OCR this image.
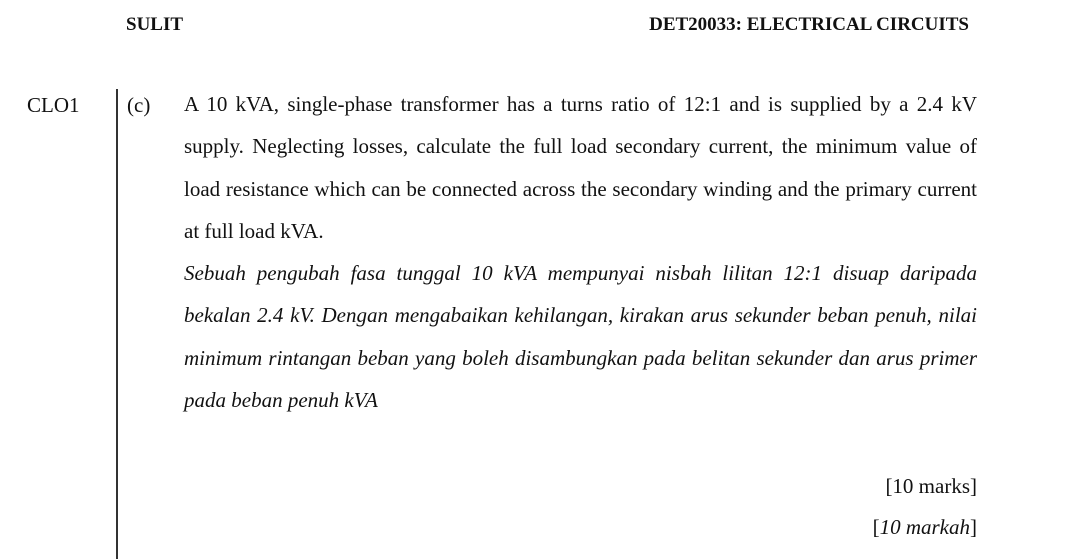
SULIT	DET20033: ELECTRICAL CIRCUITS
CLO1 (c) A 10 kVA, single-phase transformer has a turns ratio of 12:1 and is supplied by a 2.4 kV supply. Neglecting losses, calculate the full load secondary current, the minimum value of load resistance which can be connected across the secondary winding and the primary current at full load kVA.
Sebuah pengubah fasa tunggal 10 kVA mempunyai nisbah lilitan 12:1 disuap daripada bekalan 2.4 kV. Dengan mengabaikan kehilangan, kirakan arus sekunder beban penuh, nilai minimum rintangan beban yang boleh disambungkan pada belitan sekunder dan arus primer pada beban penuh kVA
[10 marks]
[10 markah]
